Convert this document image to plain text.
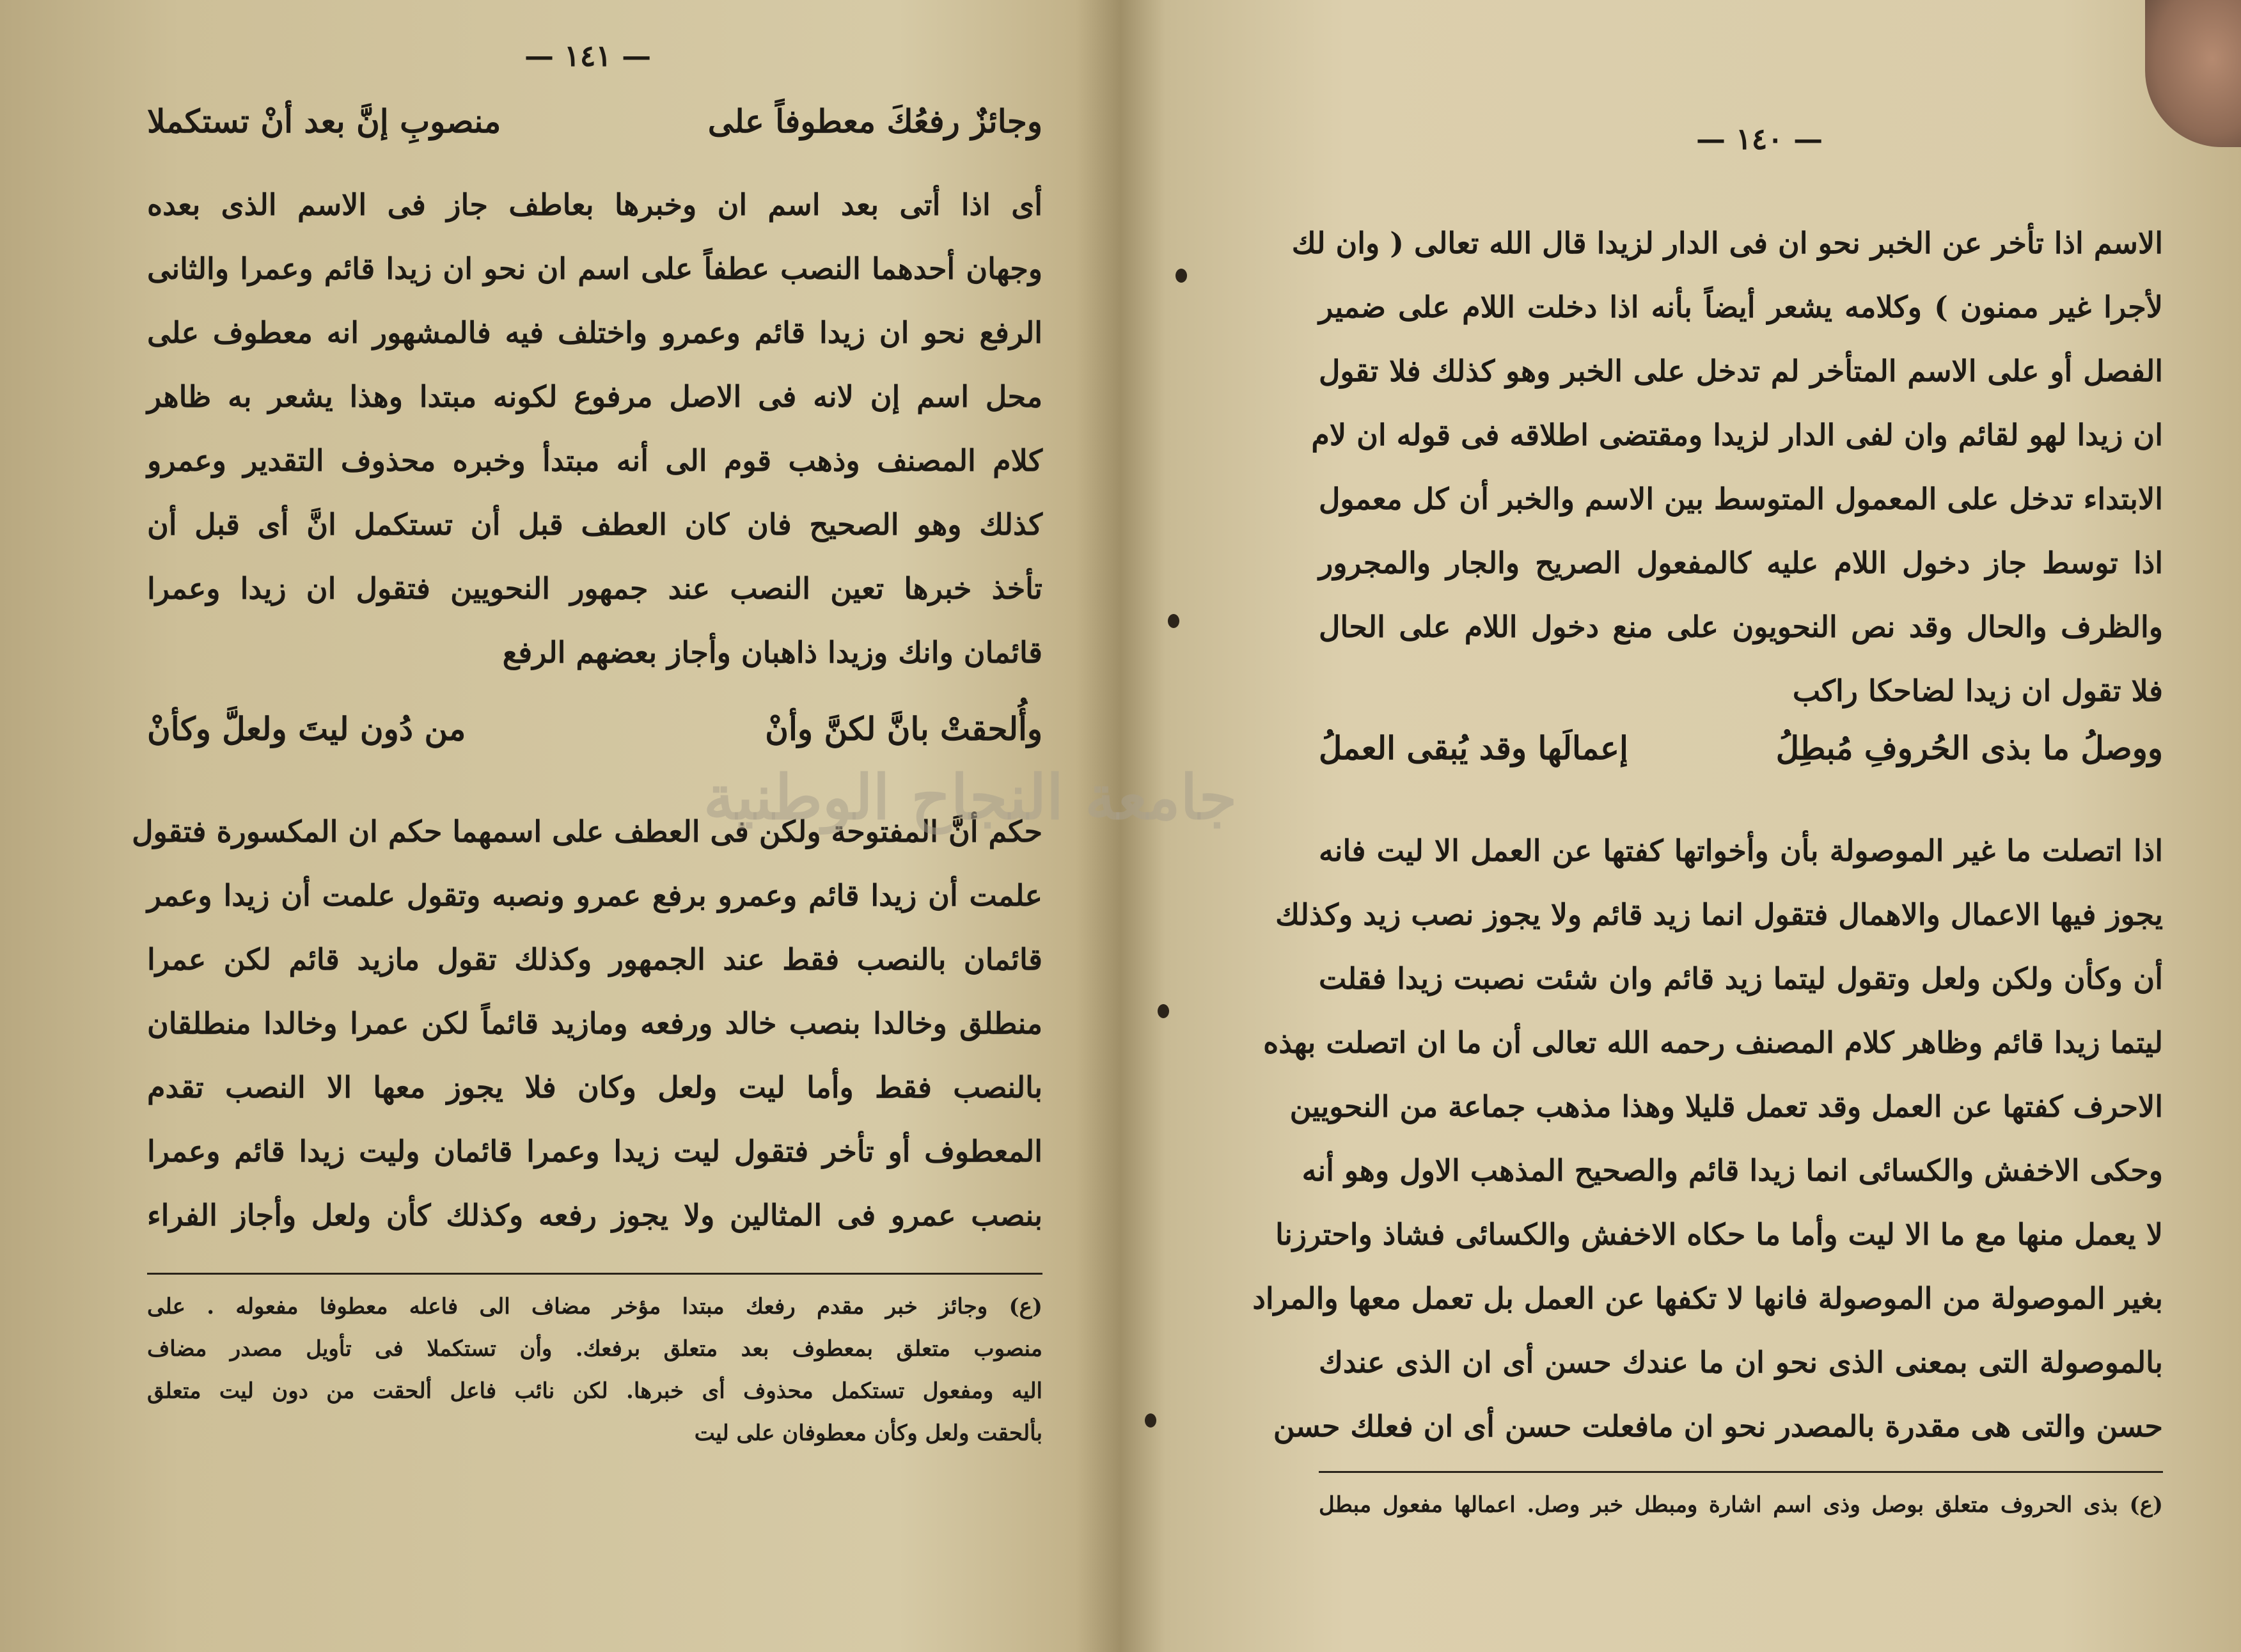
— ١٤١ —
وجائزٌ رفعُكَ معطوفاً على
منصوبِ إنَّ بعد أنْ تستكملا
أى اذا أتى بعد اسم ان وخبرها بعاطف جاز فى الاسم الذى بعده
وجهان أحدهما النصب عطفاً على اسم ان نحو ان زيدا قائم وعمرا والثانى
الرفع نحو ان زيدا قائم وعمرو واختلف فيه فالمشهور انه معطوف على
محل اسم إن لانه فى الاصل مرفوع لكونه مبتدا وهذا يشعر به ظاهر
كلام المصنف وذهب قوم الى أنه مبتدأ وخبره محذوف التقدير وعمرو
كذلك وهو الصحيح فان كان العطف قبل أن تستكمل انَّ أى قبل أن
تأخذ خبرها تعين النصب عند جمهور النحويين فتقول ان زيدا وعمرا
قائمان وانك وزيدا ذاهبان وأجاز بعضهم الرفع
وأُلحقتْ بانَّ لكنَّ وأنْ
من دُون ليتَ ولعلَّ وكأنْ
حكم أنَّ المفتوحة ولكن فى العطف على اسمهما حكم ان المكسورة فتقول
علمت أن زيدا قائم وعمرو برفع عمرو ونصبه وتقول علمت أن زيدا وعمر
قائمان بالنصب فقط عند الجمهور وكذلك تقول مازيد قائم لكن عمرا
منطلق وخالدا بنصب خالد ورفعه ومازيد قائماً لكن عمرا وخالدا منطلقان
بالنصب فقط وأما ليت ولعل وكان فلا يجوز معها الا النصب تقدم
المعطوف أو تأخر فتقول ليت زيدا وعمرا قائمان وليت زيدا قائم وعمرا
بنصب عمرو فى المثالين ولا يجوز رفعه وكذلك كأن ولعل وأجاز الفراء
(ع) وجائز خبر مقدم رفعك مبتدا مؤخر مضاف الى فاعله معطوفا مفعوله . على
منصوب متعلق بمعطوف بعد متعلق برفعك. وأن تستكملا فى تأويل مصدر مضاف
اليه ومفعول تستكمل محذوف أى خبرها. لكن نائب فاعل ألحقت من دون ليت متعلق
بألحقت ولعل وكأن معطوفان على ليت
— ١٤٠ —
الاسم اذا تأخر عن الخبر نحو ان فى الدار لزيدا قال الله تعالى ( وان لك
لأجرا غير ممنون ) وكلامه يشعر أيضاً بأنه اذا دخلت اللام على ضمير
الفصل أو على الاسم المتأخر لم تدخل على الخبر وهو كذلك فلا تقول
ان زيدا لهو لقائم وان لفى الدار لزيدا ومقتضى اطلاقه فى قوله ان لام
الابتداء تدخل على المعمول المتوسط بين الاسم والخبر أن كل معمول
اذا توسط جاز دخول اللام عليه كالمفعول الصريح والجار والمجرور
والظرف والحال وقد نص النحويون على منع دخول اللام على الحال
فلا تقول ان زيدا لضاحكا راكب
ووصلُ ما بذى الحُروفِ مُبطِلُ
إعمالَها وقد يُبقى العملُ
اذا اتصلت ما غير الموصولة بأن وأخواتها كفتها عن العمل الا ليت فانه
يجوز فيها الاعمال والاهمال فتقول انما زيد قائم ولا يجوز نصب زيد وكذلك
أن وكأن ولكن ولعل وتقول ليتما زيد قائم وان شئت نصبت زيدا فقلت
ليتما زيدا قائم وظاهر كلام المصنف رحمه الله تعالى أن ما ان اتصلت بهذه
الاحرف كفتها عن العمل وقد تعمل قليلا وهذا مذهب جماعة من النحويين
وحكى الاخفش والكسائى انما زيدا قائم والصحيح المذهب الاول وهو أنه
لا يعمل منها مع ما الا ليت وأما ما حكاه الاخفش والكسائى فشاذ واحترزنا
بغير الموصولة من الموصولة فانها لا تكفها عن العمل بل تعمل معها والمراد
بالموصولة التى بمعنى الذى نحو ان ما عندك حسن أى ان الذى عندك
حسن والتى هى مقدرة بالمصدر نحو ان مافعلت حسن أى ان فعلك حسن
(ع) بذى الحروف متعلق بوصل وذى اسم اشارة ومبطل خبر وصل. اعمالها مفعول مبطل
جامعة النجاح الوطنية
